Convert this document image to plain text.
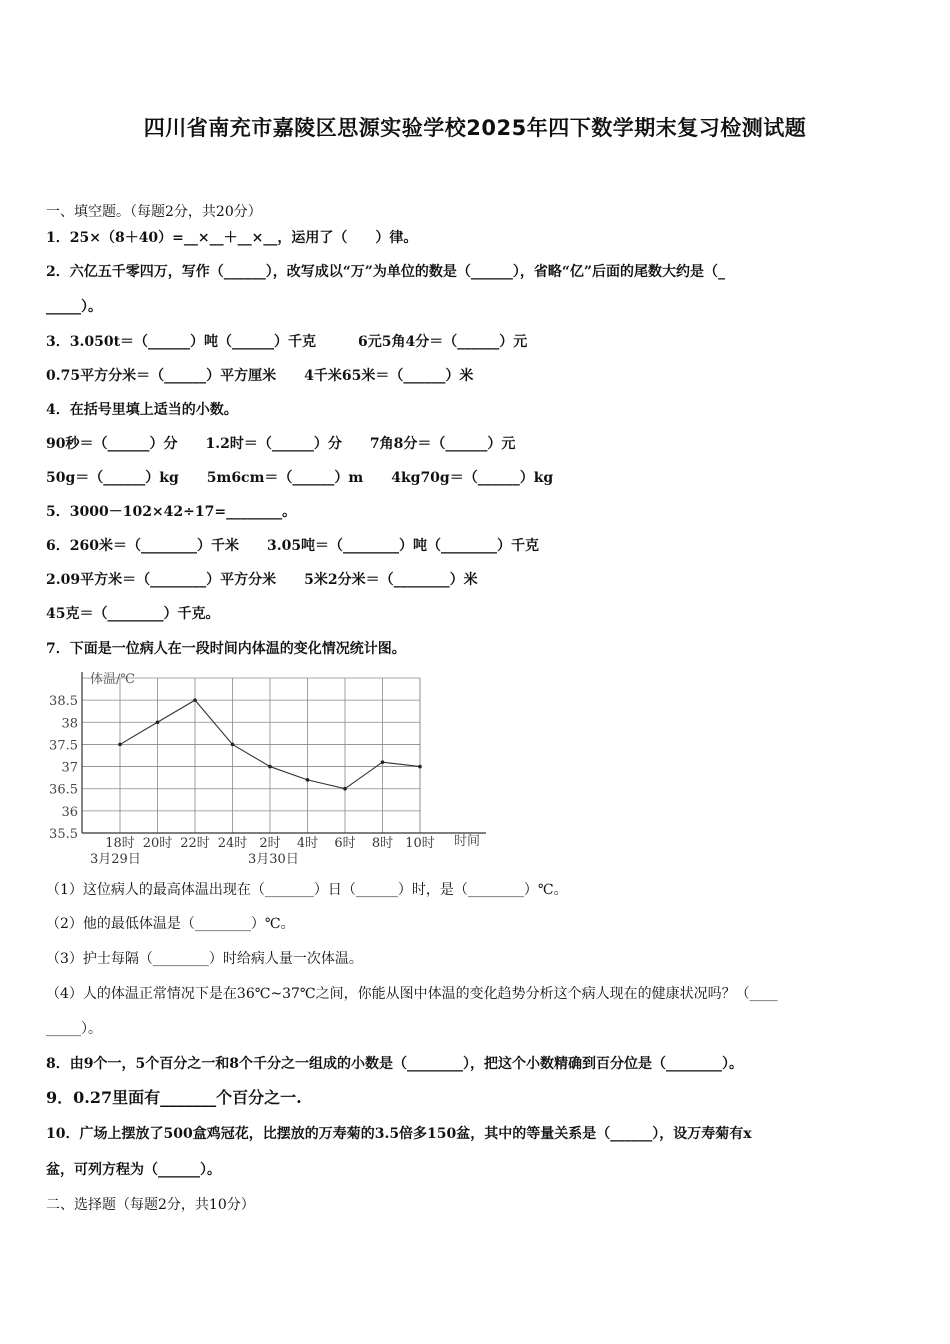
四川省南充市嘉陵区思源实验学校2025年四下数学期末复习检测试题
一、填空题。（每题2分，共20分）
1．25×（8＋40）=__×__＋__×__，运用了（　　）律。
2．六亿五千零四万，写作（______），改写成以“万”为单位的数是（______），省略“亿”后面的尾数大约是（_
_____）。
3．3.050t＝（______）吨（______）千克　　　6元5角4分＝（______）元
0.75平方分米＝（______）平方厘米　　4千米65米＝（______）米
4．在括号里填上适当的小数。
90秒＝（______）分　　1.2时＝（______）分　　7角8分＝（______）元
50g＝（______）kg　　5m6cm＝（______）m　　4kg70g＝（______）kg
5．3000－102×42÷17=________。
6．260米＝（________）千米　　3.05吨＝（________）吨（________）千克
2.09平方米＝（________）平方分米　　5米2分米＝（________）米
45克＝（________）千克。
7．下面是一位病人在一段时间内体温的变化情况统计图。
35.5
36
36.5
37
37.5
38
38.5
18时 20时 22时 24时 2时 4时 6时 8时 10时
体温/℃
时间
3月29日	3月30日
（1）这位病人的最高体温出现在（_______）日（______）时，是（________）℃。
（2）他的最低体温是（________）℃。
（3）护士每隔（________）时给病人量一次体温。
（4）人的体温正常情况下是在36℃~37℃之间，你能从图中体温的变化趋势分析这个病人现在的健康状况吗？（____
_____）。
8．由9个一，5个百分之一和8个千分之一组成的小数是（________），把这个小数精确到百分位是（________）。
9．0.27里面有_______个百分之一.
10．广场上摆放了500盒鸡冠花，比摆放的万寿菊的3.5倍多150盆，其中的等量关系是（______），设万寿菊有x
盆，可列方程为（______）。
二、选择题（每题2分，共10分）
